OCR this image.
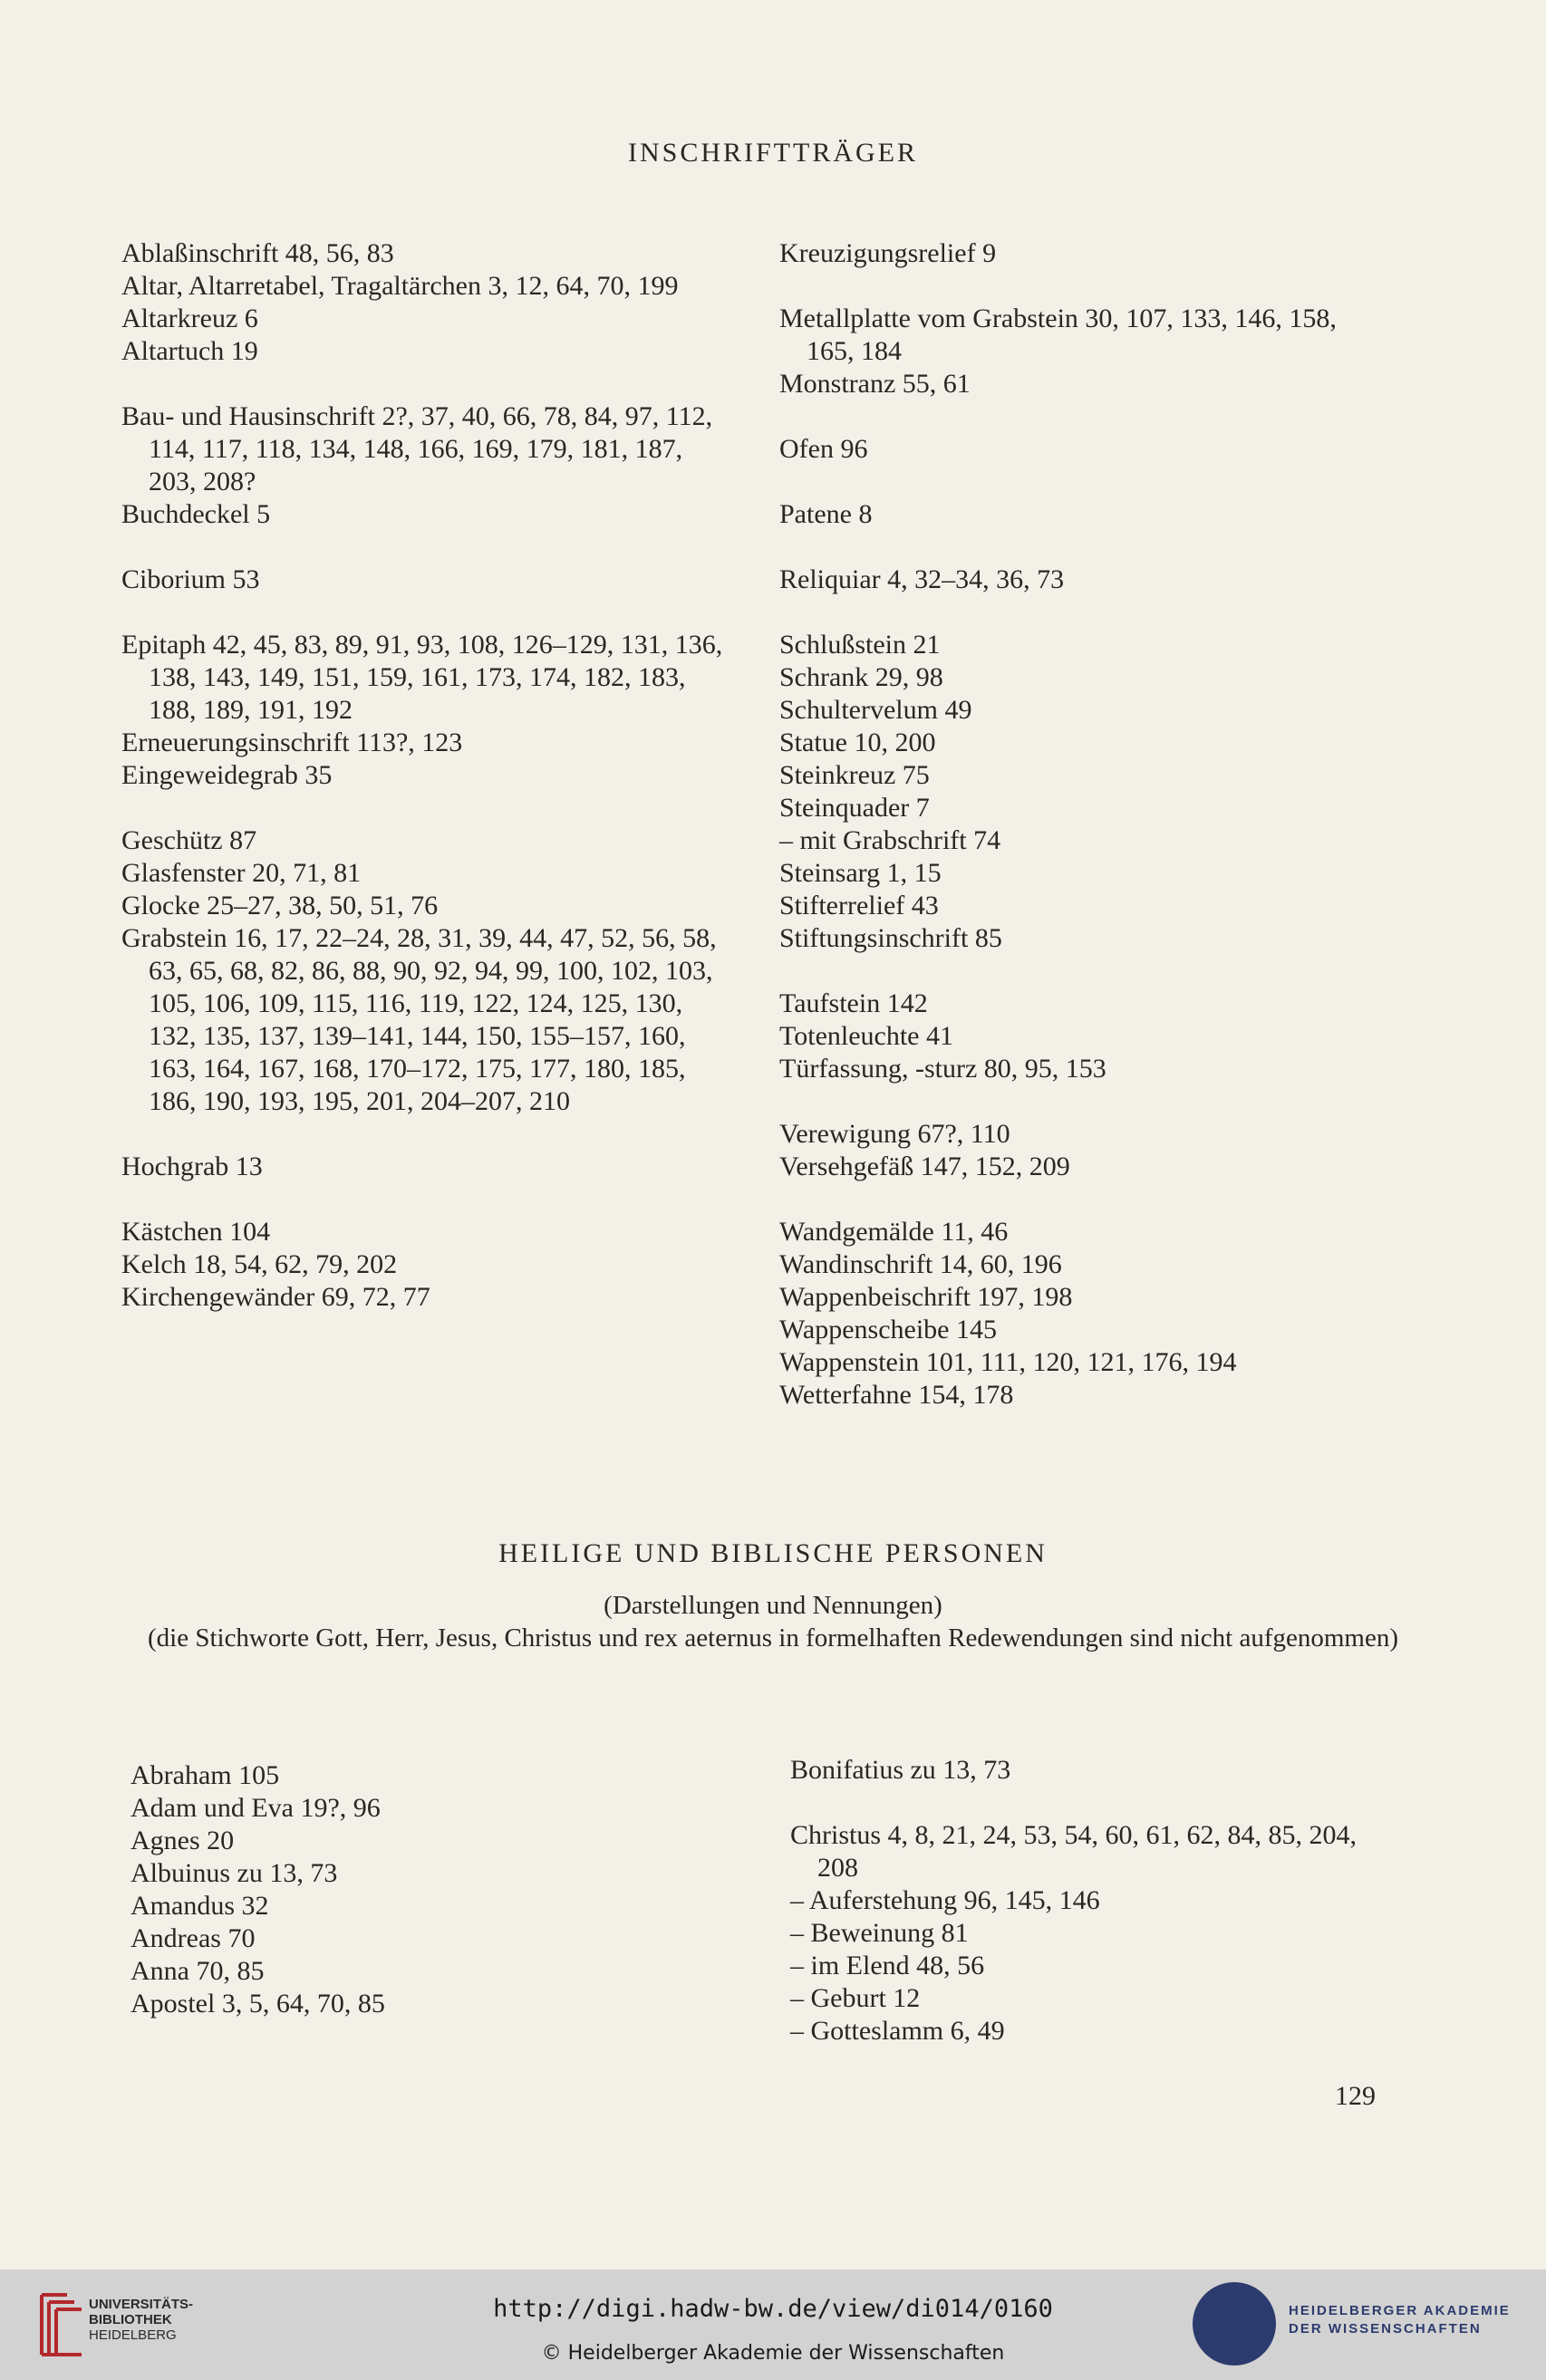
INSCHRIFTTRÄGER
Ablaßinschrift 48, 56, 83
Altar, Altarretabel, Tragaltärchen 3, 12, 64, 70, 199
Altarkreuz 6
Altartuch 19
Bau- und Hausinschrift 2?, 37, 40, 66, 78, 84, 97, 112, 114, 117, 118, 134, 148, 166, 169, 179, 181, 187, 203, 208?
Buchdeckel 5
Ciborium 53
Epitaph 42, 45, 83, 89, 91, 93, 108, 126–129, 131, 136, 138, 143, 149, 151, 159, 161, 173, 174, 182, 183, 188, 189, 191, 192
Erneuerungsinschrift 113?, 123
Eingeweidegrab 35
Geschütz 87
Glasfenster 20, 71, 81
Glocke 25–27, 38, 50, 51, 76
Grabstein 16, 17, 22–24, 28, 31, 39, 44, 47, 52, 56, 58, 63, 65, 68, 82, 86, 88, 90, 92, 94, 99, 100, 102, 103, 105, 106, 109, 115, 116, 119, 122, 124, 125, 130, 132, 135, 137, 139–141, 144, 150, 155–157, 160, 163, 164, 167, 168, 170–172, 175, 177, 180, 185, 186, 190, 193, 195, 201, 204–207, 210
Hochgrab 13
Kästchen 104
Kelch 18, 54, 62, 79, 202
Kirchengewänder 69, 72, 77
Kreuzigungsrelief 9
Metallplatte vom Grabstein 30, 107, 133, 146, 158, 165, 184
Monstranz 55, 61
Ofen 96
Patene 8
Reliquiar 4, 32–34, 36, 73
Schlußstein 21
Schrank 29, 98
Schultervelum 49
Statue 10, 200
Steinkreuz 75
Steinquader 7
– mit Grabschrift 74
Steinsarg 1, 15
Stifterrelief 43
Stiftungsinschrift 85
Taufstein 142
Totenleuchte 41
Türfassung, -sturz 80, 95, 153
Verewigung 67?, 110
Versehgefäß 147, 152, 209
Wandgemälde 11, 46
Wandinschrift 14, 60, 196
Wappenbeischrift 197, 198
Wappenscheibe 145
Wappenstein 101, 111, 120, 121, 176, 194
Wetterfahne 154, 178
HEILIGE UND BIBLISCHE PERSONEN
(Darstellungen und Nennungen)
(die Stichworte Gott, Herr, Jesus, Christus und rex aeternus in formelhaften Redewendungen sind nicht aufgenommen)
Abraham 105
Adam und Eva 19?, 96
Agnes 20
Albuinus zu 13, 73
Amandus 32
Andreas 70
Anna 70, 85
Apostel 3, 5, 64, 70, 85
Bonifatius zu 13, 73
Christus 4, 8, 21, 24, 53, 54, 60, 61, 62, 84, 85, 204, 208
– Auferstehung 96, 145, 146
– Beweinung 81
– im Elend 48, 56
– Geburt 12
– Gotteslamm 6, 49
129
UNIVERSITÄTS-
BIBLIOTHEK
HEIDELBERG
http://digi.hadw-bw.de/view/di014/0160
© Heidelberger Akademie der Wissenschaften
HEIDELBERGER AKADEMIE
DER WISSENSCHAFTEN
